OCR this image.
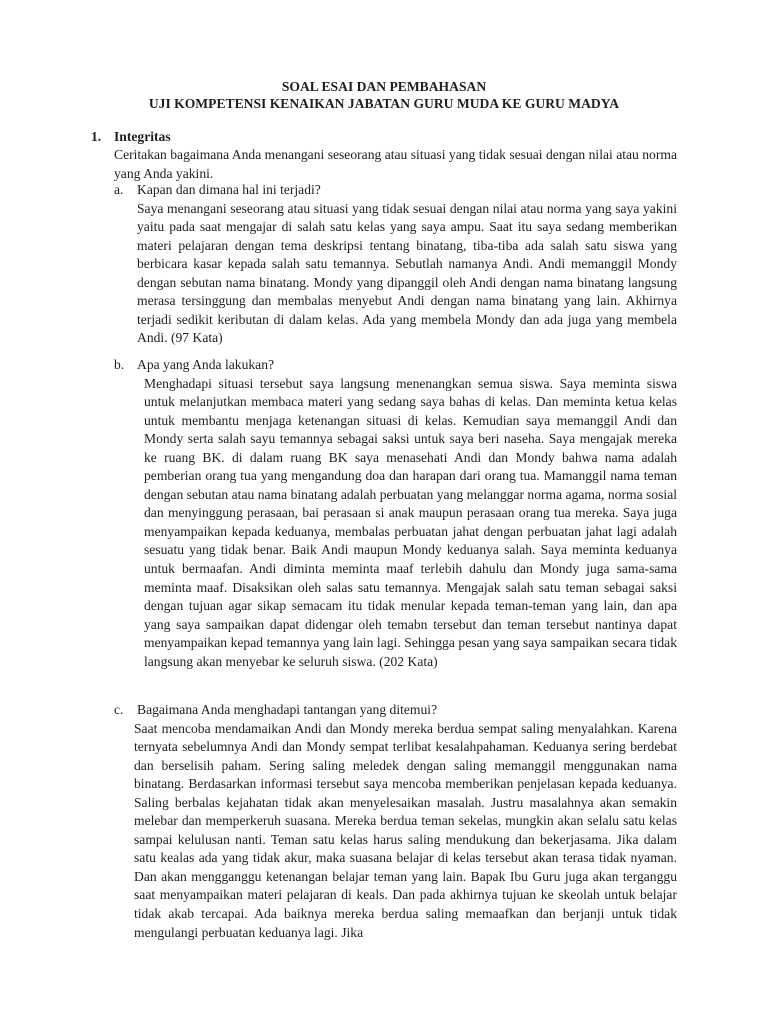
SOAL ESAI DAN PEMBAHASAN
UJI KOMPETENSI KENAIKAN JABATAN GURU MUDA KE GURU MADYA
1. Integritas
Ceritakan bagaimana Anda menangani seseorang atau situasi yang tidak sesuai dengan nilai atau norma yang Anda yakini.
a. Kapan dan dimana hal ini terjadi?
Saya menangani seseorang atau situasi yang tidak sesuai dengan nilai atau norma yang saya yakini yaitu pada saat mengajar di salah satu kelas yang saya ampu. Saat itu saya sedang memberikan materi pelajaran dengan tema deskripsi tentang binatang, tiba-tiba ada salah satu siswa yang berbicara kasar kepada salah satu temannya. Sebutlah namanya Andi. Andi memanggil Mondy dengan sebutan nama binatang. Mondy yang dipanggil oleh Andi dengan nama binatang langsung merasa tersinggung dan membalas menyebut Andi dengan nama binatang yang lain. Akhirnya terjadi sedikit keributan di dalam kelas. Ada yang membela Mondy dan ada juga yang membela Andi. (97 Kata)
b. Apa yang Anda lakukan?
Menghadapi situasi tersebut saya langsung menenangkan semua siswa. Saya meminta siswa untuk melanjutkan membaca materi yang sedang saya bahas di kelas. Dan meminta ketua kelas untuk membantu menjaga ketenangan situasi di kelas. Kemudian saya memanggil Andi dan Mondy serta salah sayu temannya sebagai saksi untuk saya beri naseha. Saya mengajak mereka ke ruang BK. di dalam ruang BK saya menasehati Andi dan Mondy bahwa nama adalah pemberian orang tua yang mengandung doa dan harapan dari orang tua. Mamanggil nama teman dengan sebutan atau nama binatang adalah perbuatan yang melanggar norma agama, norma sosial dan menyinggung perasaan, bai perasaan si anak maupun perasaan orang tua mereka. Saya juga menyampaikan kepada keduanya, membalas perbuatan jahat dengan perbuatan jahat lagi adalah sesuatu yang tidak benar. Baik Andi maupun Mondy keduanya salah. Saya meminta keduanya untuk bermaafan. Andi diminta meminta maaf terlebih dahulu dan Mondy juga sama-sama meminta maaf. Disaksikan oleh salas satu temannya. Mengajak salah satu teman sebagai saksi dengan tujuan agar sikap semacam itu tidak menular kepada teman-teman yang lain, dan apa yang saya sampaikan dapat didengar oleh temabn tersebut dan teman tersebut nantinya dapat menyampaikan kepad temannya yang lain lagi. Sehingga pesan yang saya sampaikan secara tidak langsung akan menyebar ke seluruh siswa. (202 Kata)
c. Bagaimana Anda menghadapi tantangan yang ditemui?
Saat mencoba mendamaikan Andi dan Mondy mereka berdua sempat saling menyalahkan. Karena ternyata sebelumnya Andi dan Mondy sempat terlibat kesalahpahaman. Keduanya sering berdebat dan berselisih paham. Sering saling meledek dengan saling memanggil menggunakan nama binatang. Berdasarkan informasi tersebut saya mencoba memberikan penjelasan kepada keduanya. Saling berbalas kejahatan tidak akan menyelesaikan masalah. Justru masalahnya akan semakin melebar dan memperkeruh suasana. Mereka berdua teman sekelas, mungkin akan selalu satu kelas sampai kelulusan nanti. Teman satu kelas harus saling mendukung dan bekerjasama. Jika dalam satu kealas ada yang tidak akur, maka suasana belajar di kelas tersebut akan terasa tidak nyaman. Dan akan mengganggu ketenangan belajar teman yang lain. Bapak Ibu Guru juga akan terganggu saat menyampaikan materi pelajaran di keals. Dan pada akhirnya tujuan ke skeolah untuk belajar tidak akab tercapai. Ada baiknya mereka berdua saling memaafkan dan berjanji untuk tidak mengulangi perbuatan keduanya lagi. Jika
